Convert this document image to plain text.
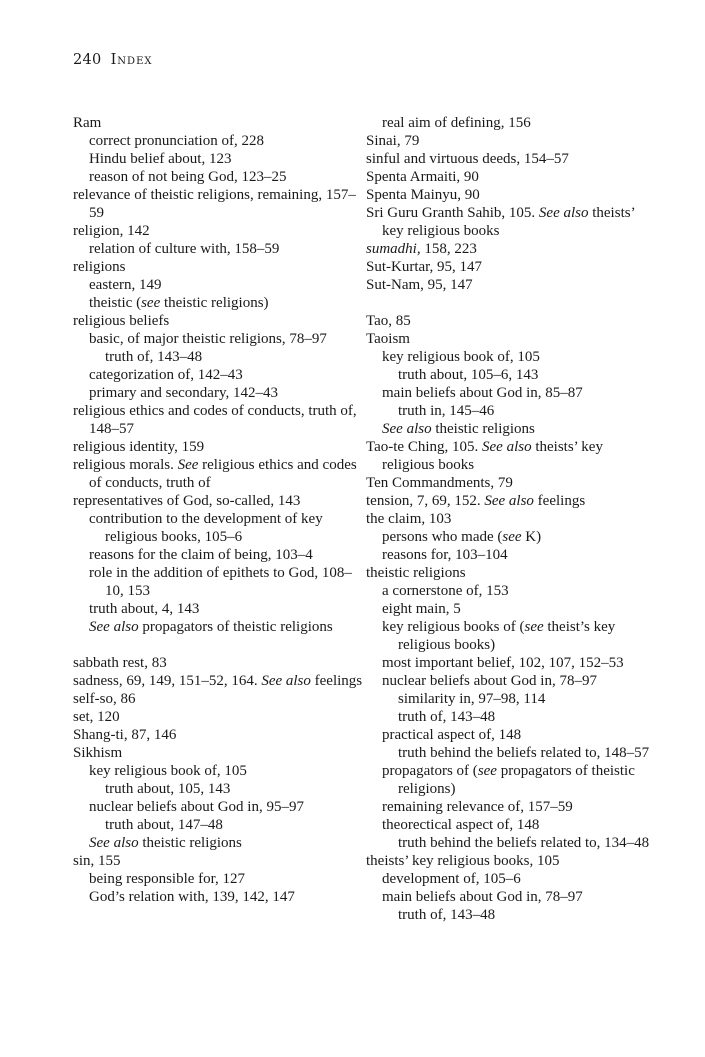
240 Index
Ram
correct pronunciation of, 228
Hindu belief about, 123
reason of not being God, 123–25
relevance of theistic religions, remaining, 157–59
religion, 142
relation of culture with, 158–59
religions
eastern, 149
theistic (see theistic religions)
religious beliefs
basic, of major theistic religions, 78–97
truth of, 143–48
categorization of, 142–43
primary and secondary, 142–43
religious ethics and codes of conducts, truth of, 148–57
religious identity, 159
religious morals. See religious ethics and codes of conducts, truth of
representatives of God, so-called, 143
contribution to the development of key religious books, 105–6
reasons for the claim of being, 103–4
role in the addition of epithets to God, 108–10, 153
truth about, 4, 143
See also propagators of theistic religions
sabbath rest, 83
sadness, 69, 149, 151–52, 164. See also feelings
self-so, 86
set, 120
Shang-ti, 87, 146
Sikhism
key religious book of, 105
truth about, 105, 143
nuclear beliefs about God in, 95–97
truth about, 147–48
See also theistic religions
sin, 155
being responsible for, 127
God’s relation with, 139, 142, 147
real aim of defining, 156
Sinai, 79
sinful and virtuous deeds, 154–57
Spenta Armaiti, 90
Spenta Mainyu, 90
Sri Guru Granth Sahib, 105. See also theists’ key religious books
sumadhi, 158, 223
Sut-Kurtar, 95, 147
Sut-Nam, 95, 147
Tao, 85
Taoism
key religious book of, 105
truth about, 105–6, 143
main beliefs about God in, 85–87
truth in, 145–46
See also theistic religions
Tao-te Ching, 105. See also theists’ key religious books
Ten Commandments, 79
tension, 7, 69, 152. See also feelings
the claim, 103
persons who made (see K)
reasons for, 103–104
theistic religions
a cornerstone of, 153
eight main, 5
key religious books of (see theist’s key religious books)
most important belief, 102, 107, 152–53
nuclear beliefs about God in, 78–97
similarity in, 97–98, 114
truth of, 143–48
practical aspect of, 148
truth behind the beliefs related to, 148–57
propagators of (see propagators of theistic religions)
remaining relevance of, 157–59
theorectical aspect of, 148
truth behind the beliefs related to, 134–48
theists’ key religious books, 105
development of, 105–6
main beliefs about God in, 78–97
truth of, 143–48
